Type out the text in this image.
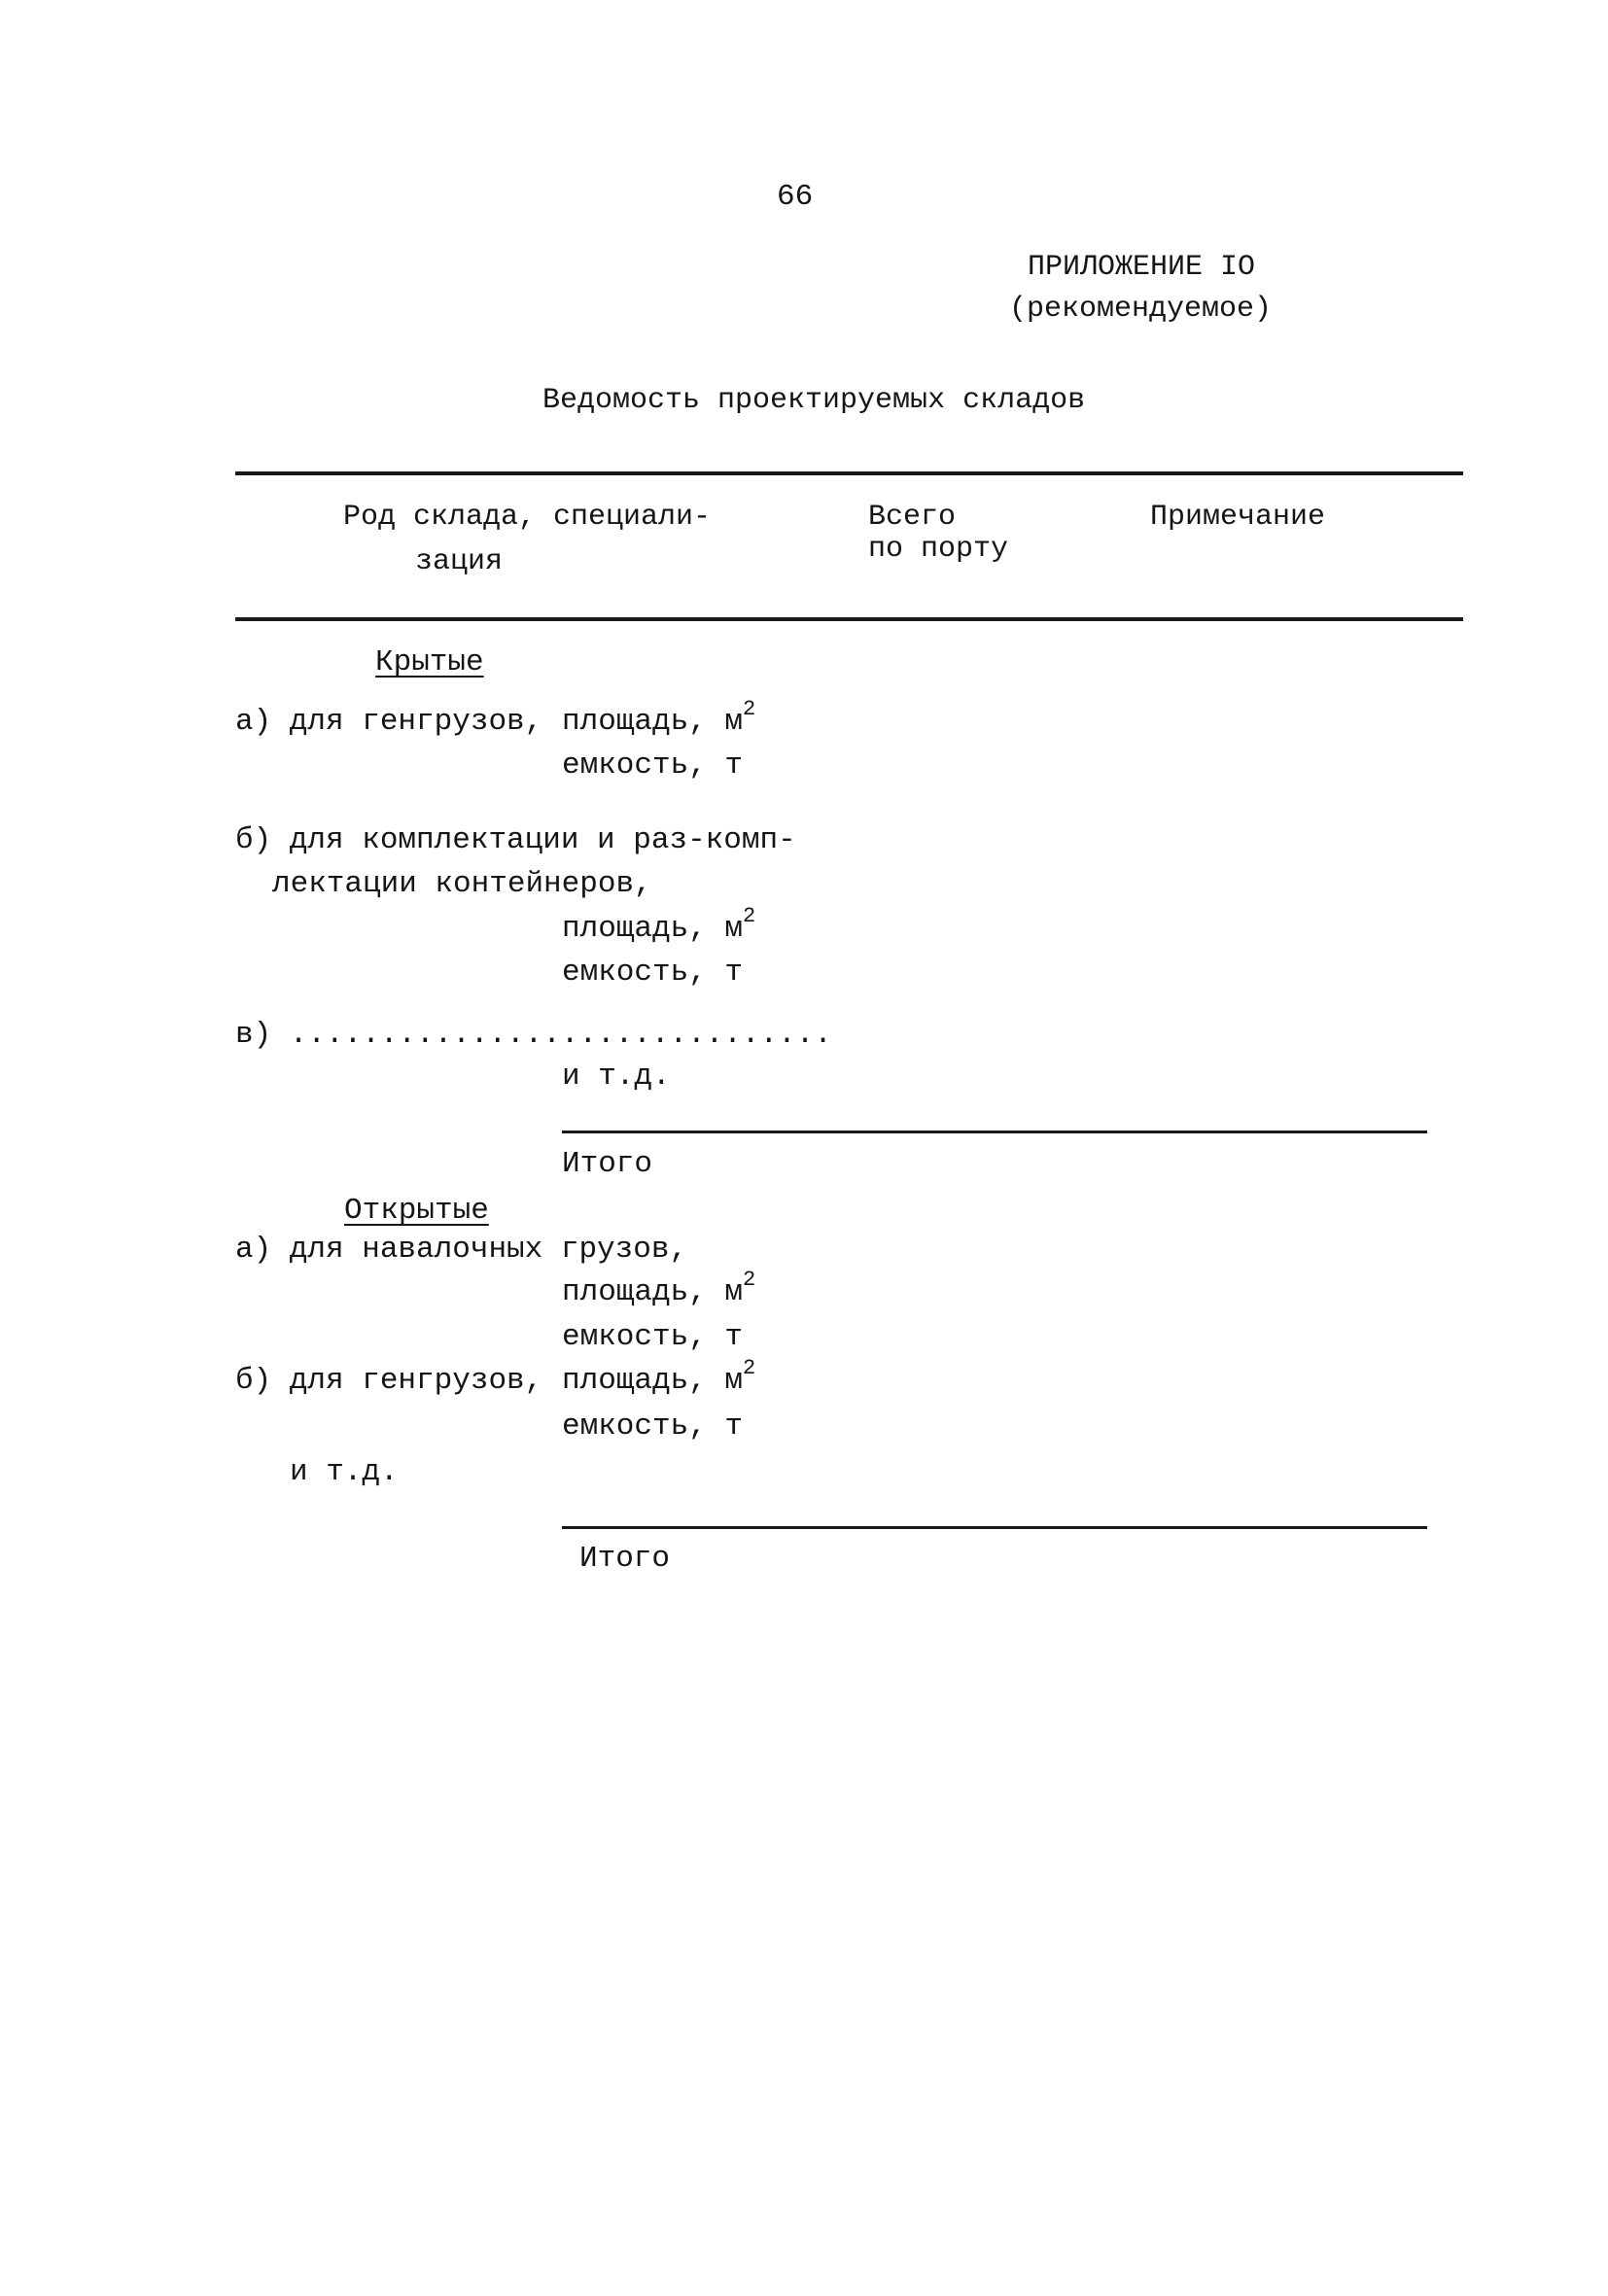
66
ПРИЛОЖЕНИЕ IO
(рекомендуемое)
Ведомость проектируемых складов
Род склада, специали-
зация
Всего
по порту
Примечание
Крытые
а) для генгрузов, площадь, $м^2$
емкость, т
б) для комплектации и раз-комп-
лектации контейнеров,
площадь, $м^2$
емкость, т
в) ..............................
и т.д.
Итого
Открытые
а) для навалочных грузов,
площадь, $м^2$
емкость, т
б) для генгрузов, площадь, $м^2$
емкость, т
и т.д.
Итого
